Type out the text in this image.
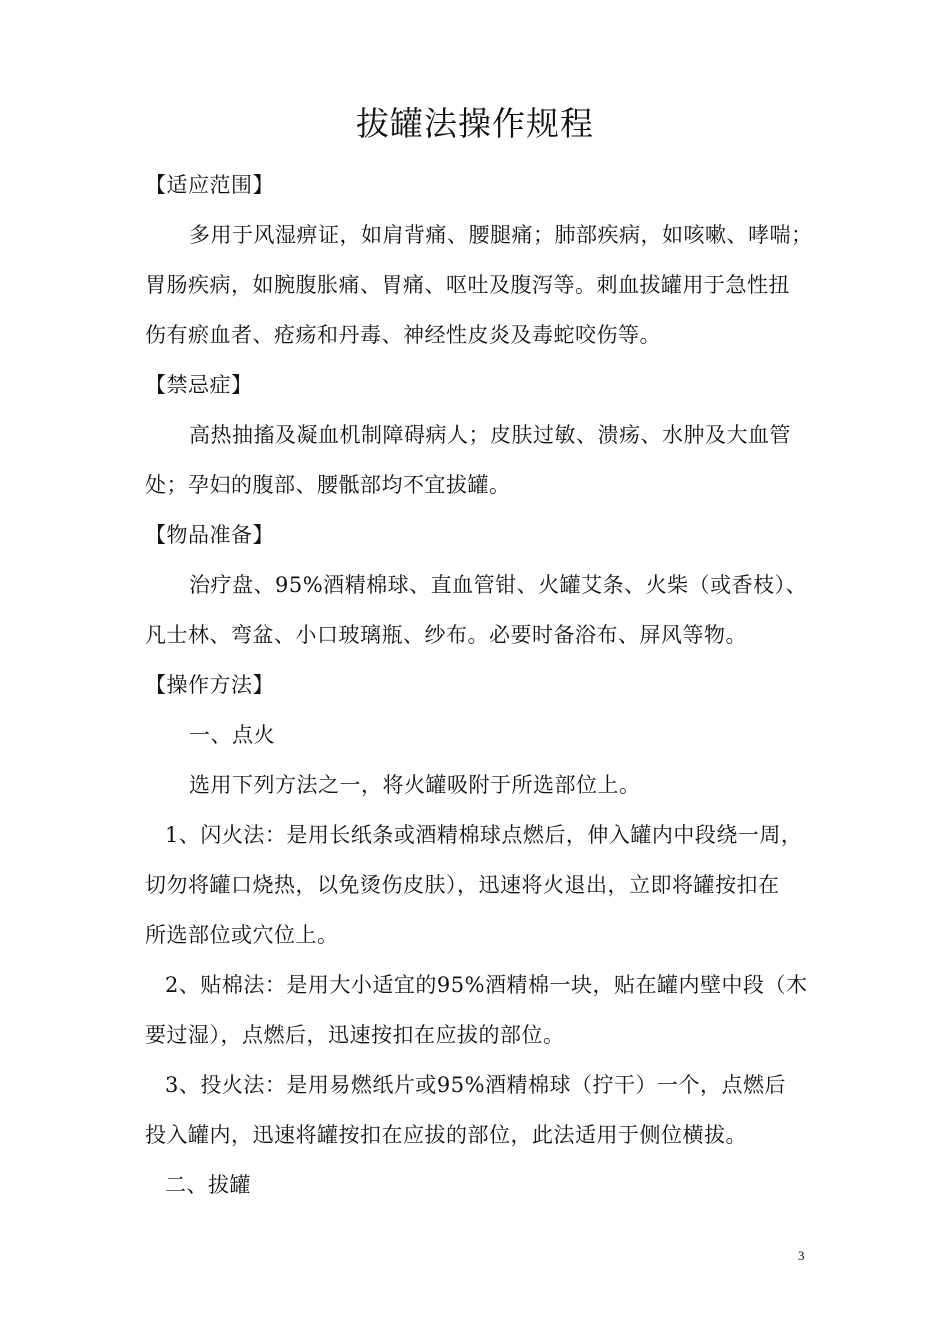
拔罐法操作规程
【适应范围】
多用于风湿痹证，如肩背痛、腰腿痛；肺部疾病，如咳嗽、哮喘；
胃肠疾病，如腕腹胀痛、胃痛、呕吐及腹泻等。刺血拔罐用于急性扭
伤有瘀血者、疮疡和丹毒、神经性皮炎及毒蛇咬伤等。
【禁忌症】
高热抽搐及凝血机制障碍病人；皮肤过敏、溃疡、水肿及大血管
处；孕妇的腹部、腰骶部均不宜拔罐。
【物品准备】
治疗盘、95%酒精棉球、直血管钳、火罐艾条、火柴（或香枝）、
凡士林、弯盆、小口玻璃瓶、纱布。必要时备浴布、屏风等物。
【操作方法】
一、点火
选用下列方法之一，将火罐吸附于所选部位上。
1、闪火法：是用长纸条或酒精棉球点燃后，伸入罐内中段绕一周，
切勿将罐口烧热，以免烫伤皮肤），迅速将火退出，立即将罐按扣在
所选部位或穴位上。
2、贴棉法：是用大小适宜的95%酒精棉一块，贴在罐内壁中段（木
要过湿），点燃后，迅速按扣在应拔的部位。
3、投火法：是用易燃纸片或95%酒精棉球（拧干）一个，点燃后
投入罐内，迅速将罐按扣在应拔的部位，此法适用于侧位横拔。
二、拔罐
3
